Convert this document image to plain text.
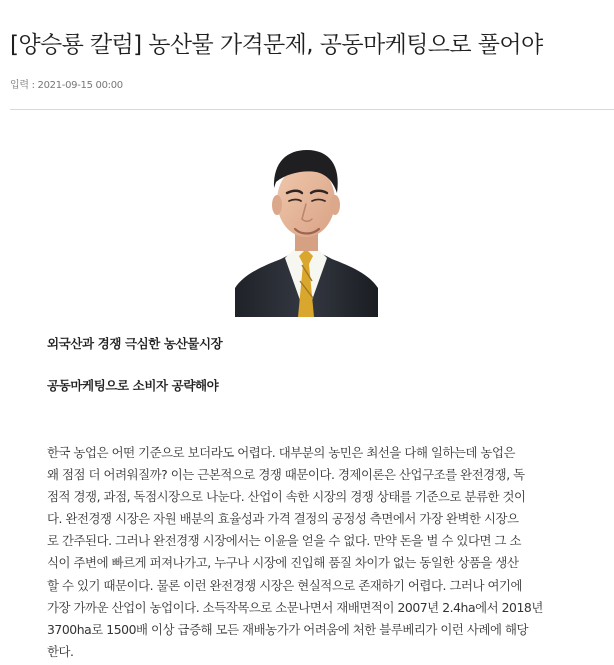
[양승룡 칼럼] 농산물 가격문제, 공동마케팅으로 풀어야
입력 : 2021-09-15 00:00
외국산과 경쟁 극심한 농산물시장
공동마케팅으로 소비자 공략해야

한국 농업은 어떤 기준으로 보더라도 어렵다. 대부분의 농민은 최선을 다해 일하는데 농업은
왜 점점 더 어려워질까? 이는 근본적으로 경쟁 때문이다. 경제이론은 산업구조를 완전경쟁, 독
점적 경쟁, 과점, 독점시장으로 나눈다. 산업이 속한 시장의 경쟁 상태를 기준으로 분류한 것이
다. 완전경쟁 시장은 자원 배분의 효율성과 가격 결정의 공정성 측면에서 가장 완벽한 시장으
로 간주된다. 그러나 완전경쟁 시장에서는 이윤을 얻을 수 없다. 만약 돈을 벌 수 있다면 그 소
식이 주변에 빠르게 퍼져나가고, 누구나 시장에 진입해 품질 차이가 없는 동일한 상품을 생산
할 수 있기 때문이다. 물론 이런 완전경쟁 시장은 현실적으로 존재하기 어렵다. 그러나 여기에
가장 가까운 산업이 농업이다. 소득작목으로 소문나면서 재배면적이 2007년 2.4ha에서 2018년
3700ha로 1500배 이상 급증해 모든 재배농가가 어려움에 처한 블루베리가 이런 사례에 해당
한다.
